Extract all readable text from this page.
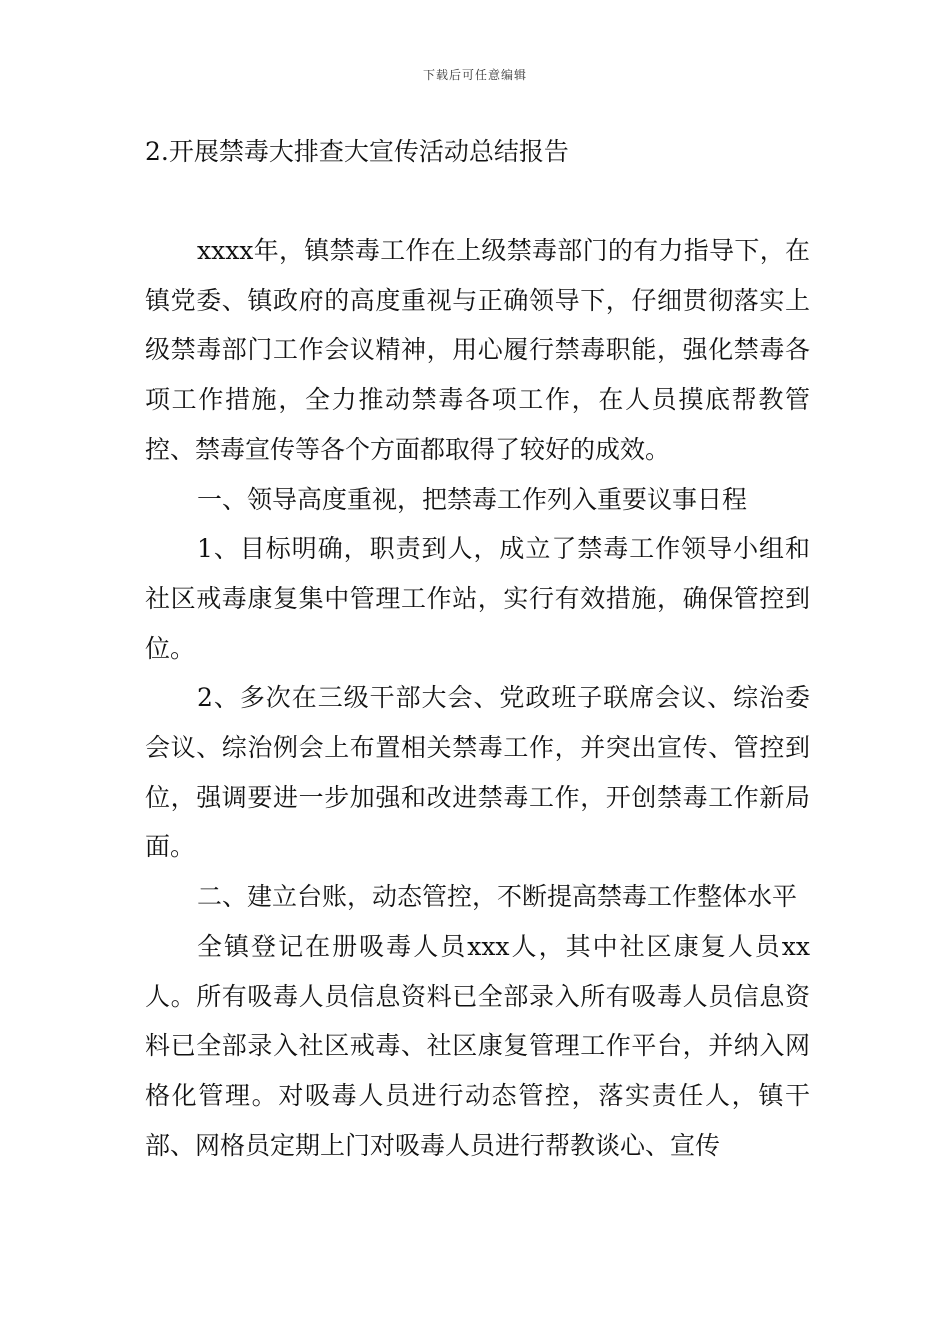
下载后可任意编辑
2.开展禁毒大排查大宣传活动总结报告

xxxx年，镇禁毒工作在上级禁毒部门的有力指导下，在镇党委、镇政府的高度重视与正确领导下，仔细贯彻落实上级禁毒部门工作会议精神，用心履行禁毒职能，强化禁毒各项工作措施，全力推动禁毒各项工作，在人员摸底帮教管控、禁毒宣传等各个方面都取得了较好的成效。

一、领导高度重视，把禁毒工作列入重要议事日程

1、目标明确，职责到人，成立了禁毒工作领导小组和社区戒毒康复集中管理工作站，实行有效措施，确保管控到位。

2、多次在三级干部大会、党政班子联席会议、综治委会议、综治例会上布置相关禁毒工作，并突出宣传、管控到位，强调要进一步加强和改进禁毒工作，开创禁毒工作新局面。

二、建立台账，动态管控，不断提高禁毒工作整体水平

全镇登记在册吸毒人员xxx人，其中社区康复人员xx人。所有吸毒人员信息资料已全部录入所有吸毒人员信息资料已全部录入社区戒毒、社区康复管理工作平台，并纳入网格化管理。对吸毒人员进行动态管控，落实责任人，镇干部、网格员定期上门对吸毒人员进行帮教谈心、宣传
